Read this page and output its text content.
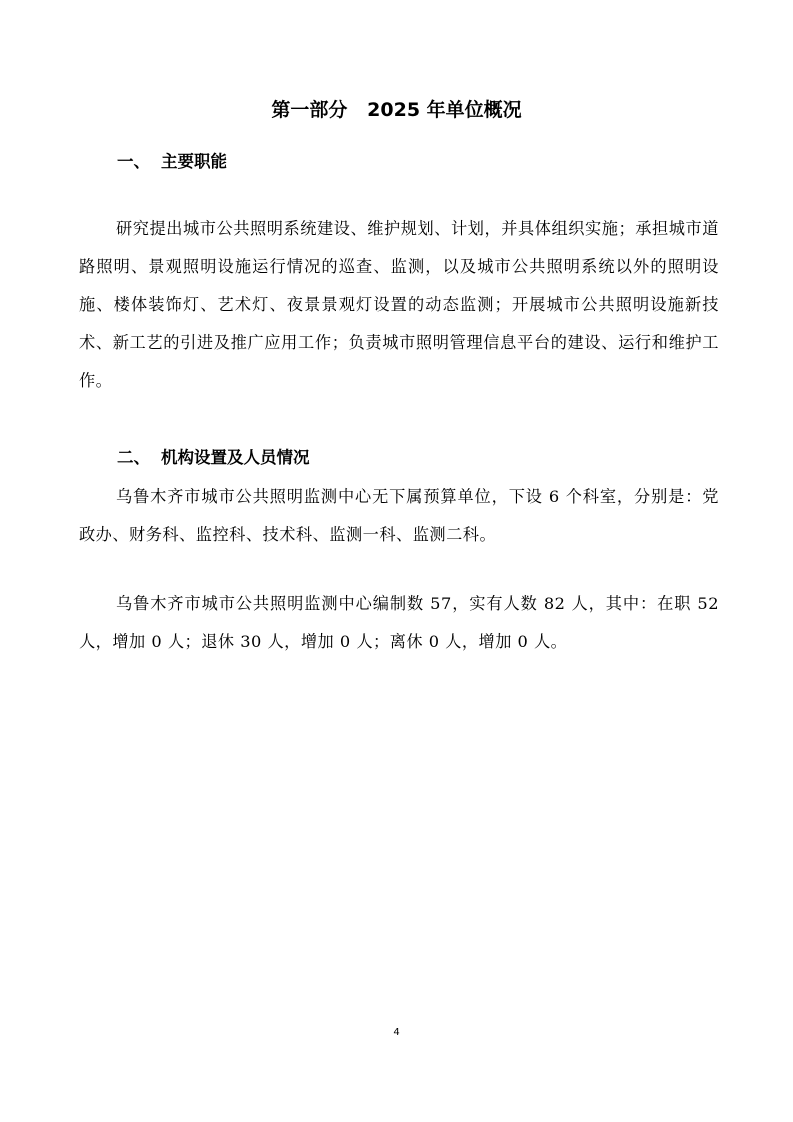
第一部分   2025 年单位概况
一、 主要职能

研究提出城市公共照明系统建设、维护规划、计划，并具体组织实施；承担城市道路照明、景观照明设施运行情况的巡查、监测，以及城市公共照明系统以外的照明设施、楼体装饰灯、艺术灯、夜景景观灯设置的动态监测；开展城市公共照明设施新技术、新工艺的引进及推广应用工作；负责城市照明管理信息平台的建设、运行和维护工作。

二、 机构设置及人员情况

乌鲁木齐市城市公共照明监测中心无下属预算单位，下设 6 个科室，分别是：党政办、财务科、监控科、技术科、监测一科、监测二科。

乌鲁木齐市城市公共照明监测中心编制数 57，实有人数 82 人，其中：在职 52 人，增加 0 人；退休 30 人，增加 0 人；离休 0 人，增加 0 人。

4
